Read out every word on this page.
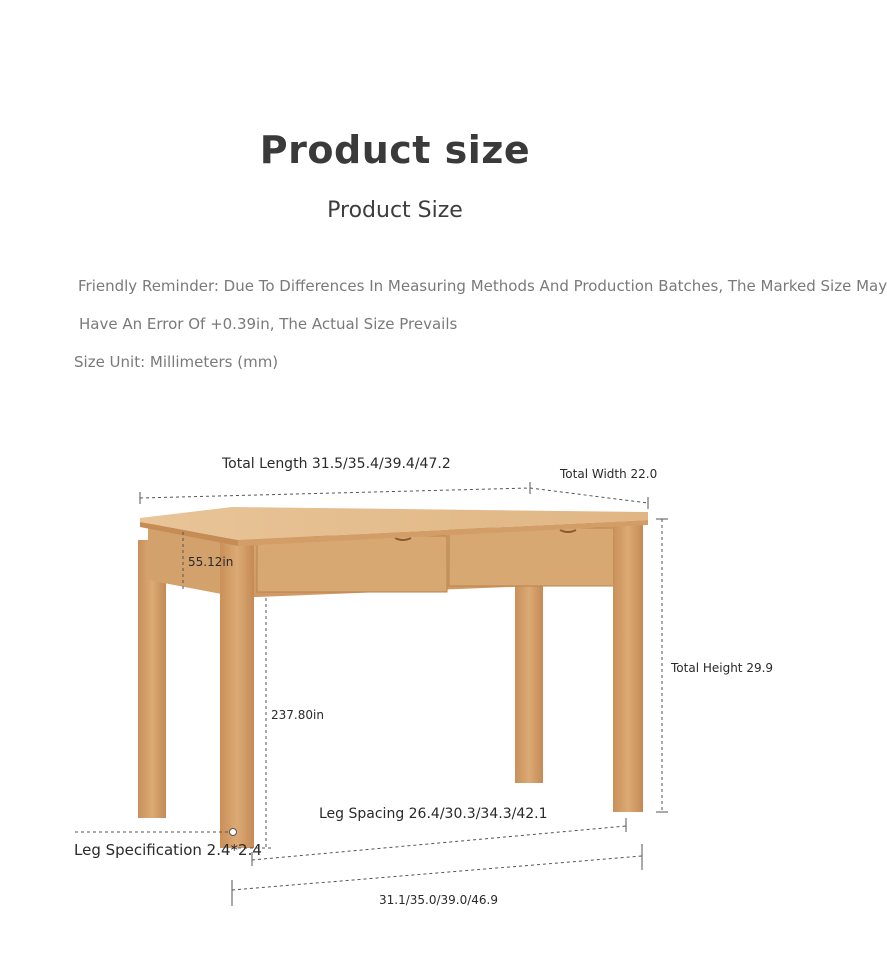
Product size
Product Size
Friendly Reminder: Due To Differences In Measuring Methods And Production Batches, The Marked Size May
Have An Error Of +0.39in, The Actual Size Prevails
Size Unit: Millimeters (mm)
Total Length 31.5/35.4/39.4/47.2
Total Width 22.0
55.12in
237.80in
Total Height 29.9
Leg Spacing 26.4/30.3/34.3/42.1
Leg Specification 2.4*2.4
31.1/35.0/39.0/46.9
